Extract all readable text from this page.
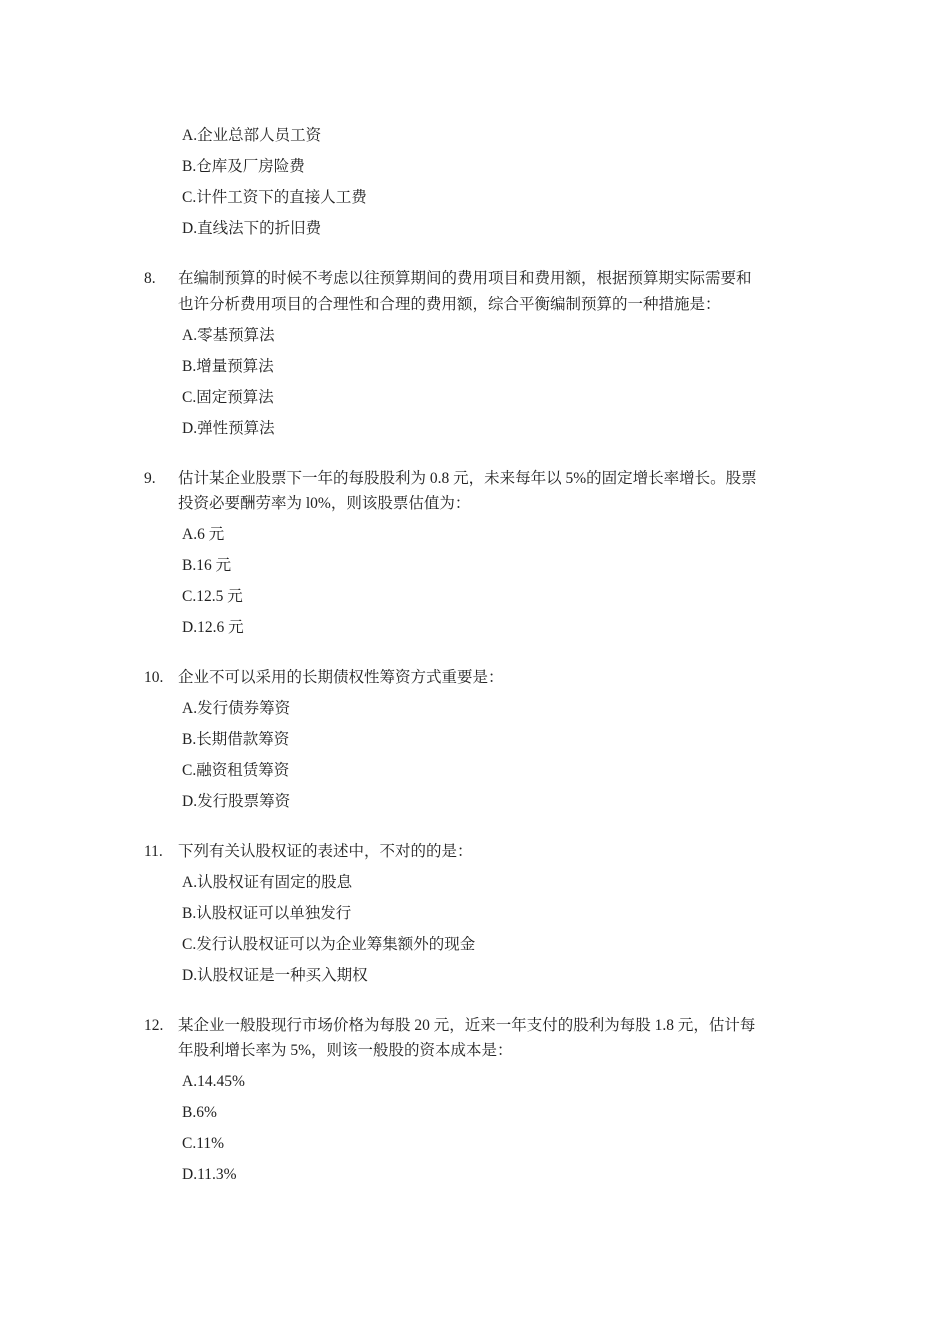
A.企业总部人员工资
B.仓库及厂房险费
C.计件工资下的直接人工费
D.直线法下的折旧费
8. 在编制预算的时候不考虑以往预算期间的费用项目和费用额，根据预算期实际需要和
也许分析费用项目的合理性和合理的费用额，综合平衡编制预算的一种措施是：
A.零基预算法
B.增量预算法
C.固定预算法
D.弹性预算法
9. 估计某企业股票下一年的每股股利为 0.8 元，未来每年以 5%的固定增长率增长。股票
投资必要酬劳率为 l0%，则该股票估值为：
A.6 元
B.16 元
C.12.5 元
D.12.6 元
10. 企业不可以采用的长期债权性筹资方式重要是：
A.发行债券筹资
B.长期借款筹资
C.融资租赁筹资
D.发行股票筹资
11. 下列有关认股权证的表述中，不对的的是：
A.认股权证有固定的股息
B.认股权证可以单独发行
C.发行认股权证可以为企业筹集额外的现金
D.认股权证是一种买入期权
12. 某企业一般股现行市场价格为每股 20 元，近来一年支付的股利为每股 1.8 元，估计每
年股利增长率为 5%，则该一般股的资本成本是：
A.14.45%
B.6%
C.11%
D.11.3%
